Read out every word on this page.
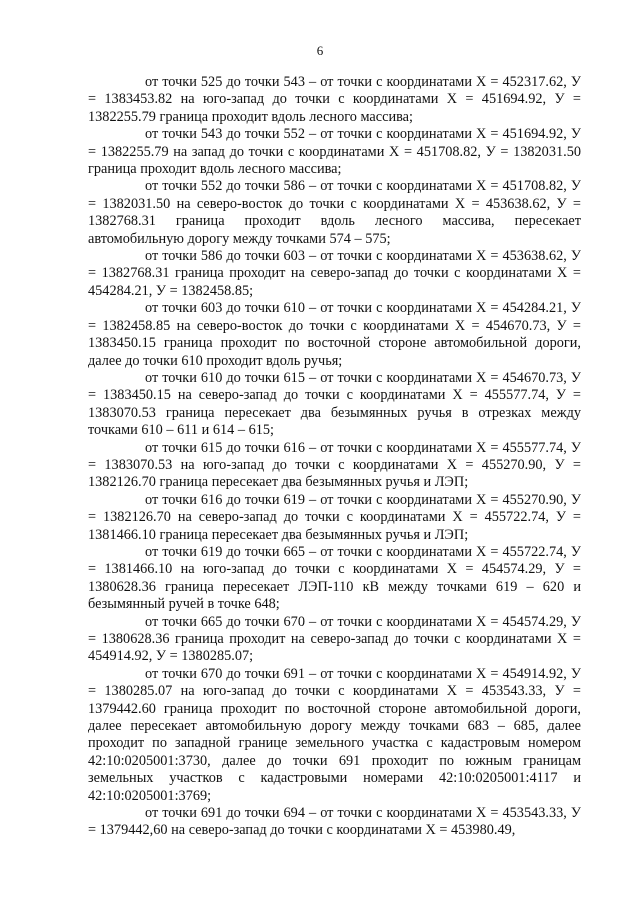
6

от точки 525 до точки 543 – от точки с координатами X = 452317.62, У = 1383453.82 на юго-запад до точки с координатами X = 451694.92, У = 1382255.79 граница проходит вдоль лесного массива;

от точки 543 до точки 552 – от точки с координатами X = 451694.92, У = 1382255.79 на запад до точки с координатами X = 451708.82, У = 1382031.50 граница проходит вдоль лесного массива;

от точки 552 до точки 586 – от точки с координатами X = 451708.82, У = 1382031.50 на северо-восток до точки с координатами X = 453638.62, У = 1382768.31 граница проходит вдоль лесного массива, пересекает автомобильную дорогу между точками 574 – 575;

от точки 586 до точки 603 – от точки с координатами X = 453638.62, У = 1382768.31 граница проходит на северо-запад до точки с координатами X = 454284.21, У = 1382458.85;

от точки 603 до точки 610 – от точки с координатами X = 454284.21, У = 1382458.85 на северо-восток до точки с координатами X = 454670.73, У = 1383450.15 граница проходит по восточной стороне автомобильной дороги, далее до точки 610 проходит вдоль ручья;

от точки 610 до точки 615 – от точки с координатами X = 454670.73, У = 1383450.15 на северо-запад до точки с координатами X = 455577.74, У = 1383070.53 граница пересекает два безымянных ручья в отрезках между точками 610 – 611 и 614 – 615;

от точки 615 до точки 616 – от точки с координатами X = 455577.74, У = 1383070.53 на юго-запад до точки с координатами X = 455270.90, У = 1382126.70 граница пересекает два безымянных ручья и ЛЭП;

от точки 616 до точки 619 – от точки с координатами X = 455270.90, У = 1382126.70 на северо-запад до точки с координатами X = 455722.74, У = 1381466.10 граница пересекает два безымянных ручья и ЛЭП;

от точки 619 до точки 665 – от точки с координатами X = 455722.74, У = 1381466.10 на юго-запад до точки с координатами X = 454574.29, У = 1380628.36 граница пересекает ЛЭП-110 кВ между точками 619 – 620 и безымянный ручей в точке 648;

от точки 665 до точки 670 – от точки с координатами X = 454574.29, У = 1380628.36 граница проходит на северо-запад до точки с координатами X = 454914.92, У = 1380285.07;

от точки 670 до точки 691 – от точки с координатами X = 454914.92, У = 1380285.07 на юго-запад до точки с координатами X = 453543.33, У = 1379442.60 граница проходит по восточной стороне автомобильной дороги, далее пересекает автомобильную дорогу между точками 683 – 685, далее проходит по западной границе земельного участка с кадастровым номером 42:10:0205001:3730, далее до точки 691 проходит по южным границам земельных участков с кадастровыми номерами 42:10:0205001:4117 и 42:10:0205001:3769;

от точки 691 до точки 694 – от точки с координатами X = 453543.33, У = 1379442,60 на северо-запад до точки с координатами X = 453980.49,
